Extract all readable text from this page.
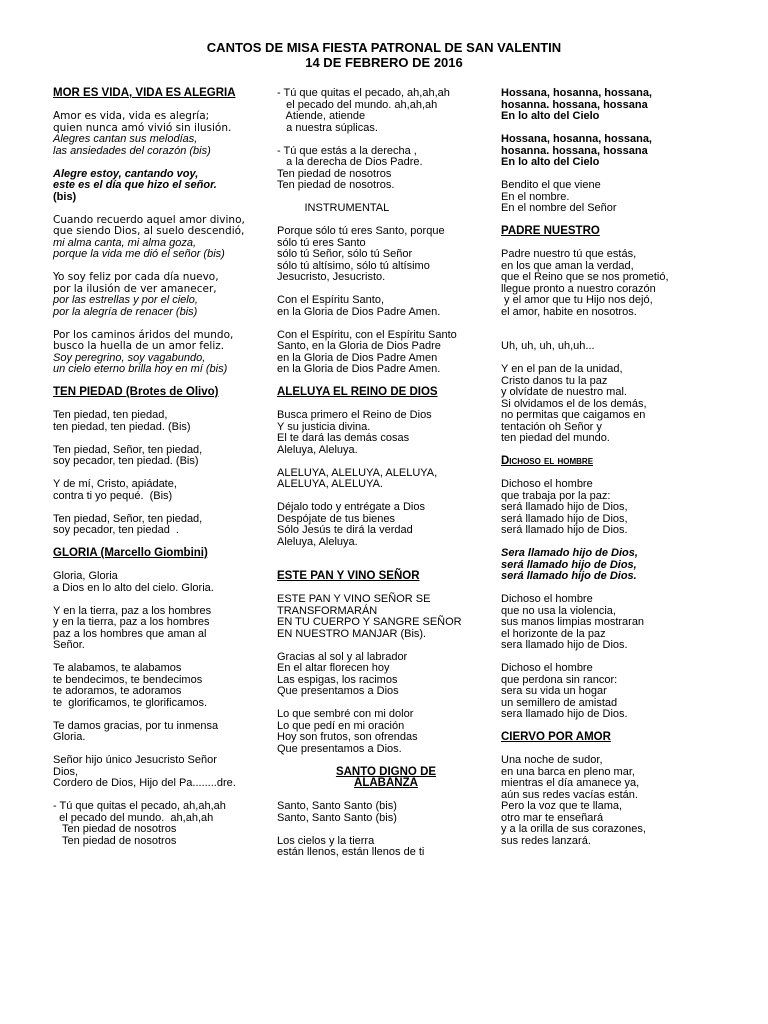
CANTOS DE MISA FIESTA PATRONAL DE SAN VALENTIN
14 DE FEBRERO DE 2016
MOR ES VIDA, VIDA ES ALEGRIA
Amor es vida, vida es alegría;
quien nunca amó vivió sin ilusión.
Alegres cantan sus melodías,
las ansiedades del corazón (bis)
Alegre estoy, cantando voy,
este es el día que hizo el señor.
(bis)
Cuando recuerdo aquel amor divino,
que siendo Dios, al suelo descendió,
mi alma canta, mi alma goza,
porque la vida me dió el señor (bis)
Yo soy feliz por cada día nuevo,
por la ilusión de ver amanecer,
por las estrellas y por el cielo,
por la alegría de renacer (bis)
Por los caminos áridos del mundo,
busco la huella de un amor feliz.
Soy peregrino, soy vagabundo,
un cielo eterno brilla hoy en mí (bis)
TEN PIEDAD (Brotes de Olivo)
Ten piedad, ten piedad,
ten piedad, ten piedad. (Bis)
Ten piedad, Señor, ten piedad,
soy pecador, ten piedad. (Bis)
Y de mí, Cristo, apiádate,
contra ti yo pequé.  (Bis)
Ten piedad, Señor, ten piedad,
soy pecador, ten piedad  .
GLORIA (Marcello Giombini)
Gloria, Gloria
a Dios en lo alto del cielo. Gloria.
Y en la tierra, paz a los hombres
y en la tierra, paz a los hombres
paz a los hombres que aman al
Señor.
Te alabamos, te alabamos
te bendecimos, te bendecimos
te adoramos, te adoramos
te  glorificamos, te glorificamos.
Te damos gracias, por tu inmensa
Gloria.
Señor hijo único Jesucristo Señor
Dios,
Cordero de Dios, Hijo del Pa........dre.
- Tú que quitas el pecado, ah,ah,ah
el pecado del mundo.  ah,ah,ah
Ten piedad de nosotros
Ten piedad de nosotros
- Tú que quitas el pecado, ah,ah,ah
el pecado del mundo. ah,ah,ah
Atiende, atiende
a nuestra súplicas.
- Tú que estás a la derecha ,
a la derecha de Dios Padre.
Ten piedad de nosotros
Ten piedad de nosotros.
INSTRUMENTAL
Porque sólo tú eres Santo, porque
sólo tú eres Santo
sólo tú Señor, sólo tú Señor
sólo tú altísimo, sólo tú altísimo
Jesucristo, Jesucristo.
Con el Espíritu Santo,
en la Gloria de Dios Padre Amen.
Con el Espíritu, con el Espíritu Santo
Santo, en la Gloria de Dios Padre
en la Gloria de Dios Padre Amen
en la Gloria de Dios Padre Amen.
ALELUYA EL REINO DE DIOS
Busca primero el Reino de Dios
Y su justicia divina.
El te dará las demás cosas
Aleluya, Aleluya.
ALELUYA, ALELUYA, ALELUYA,
ALELUYA, ALELUYA.
Déjalo todo y entrégate a Dios
Despójate de tus bienes
Sólo Jesús te dirá la verdad
Aleluya, Aleluya.
ESTE PAN Y VINO SEÑOR
ESTE PAN Y VINO SEÑOR SE
TRANSFORMARÁN
EN TU CUERPO Y SANGRE SEÑOR
EN NUESTRO MANJAR (Bis).
Gracias al sol y al labrador
En el altar florecen hoy
Las espigas, los racimos
Que presentamos a Dios
Lo que sembré con mi dolor
Lo que pedí en mi oración
Hoy son frutos, son ofrendas
Que presentamos a Dios.
SANTO DIGNO DE
ALABANZA
Santo, Santo Santo (bis)
Santo, Santo Santo (bis)
Los cielos y la tierra
están llenos, están llenos de ti
Hossana, hosanna, hossana,
hosanna. hossana, hossana
En lo alto del Cielo
Hossana, hosanna, hossana,
hosanna. hossana, hossana
En lo alto del Cielo
Bendito el que viene
En el nombre.
En el nombre del Señor
PADRE NUESTRO
Padre nuestro tú que estás,
en los que aman la verdad,
que el Reino que se nos prometió,
llegue pronto a nuestro corazón
y el amor que tu Hijo nos dejó,
el amor, habite en nosotros.
Uh, uh, uh, uh,uh...
Y en el pan de la unidad,
Cristo danos tu la paz
y olvídate de nuestro mal.
Si olvidamos el de los demás,
no permitas que caigamos en
tentación oh Señor y
ten piedad del mundo.
Dichoso el hombre
Dichoso el hombre
que trabaja por la paz:
será llamado hijo de Dios,
será llamado hijo de Dios,
será llamado hijo de Dios.
Sera llamado hijo de Dios,
será llamado hijo de Dios,
será llamado hijo de Dios.
Dichoso el hombre
que no usa la violencia,
sus manos limpias mostraran
el horizonte de la paz
sera llamado hijo de Dios.
Dichoso el hombre
que perdona sin rancor:
sera su vida un hogar
un semillero de amistad
sera llamado hijo de Dios.
CIERVO POR AMOR
Una noche de sudor,
en una barca en pleno mar,
mientras el día amanece ya,
aún sus redes vacías están.
Pero la voz que te llama,
otro mar te enseñará
y a la orilla de sus corazones,
sus redes lanzará.
